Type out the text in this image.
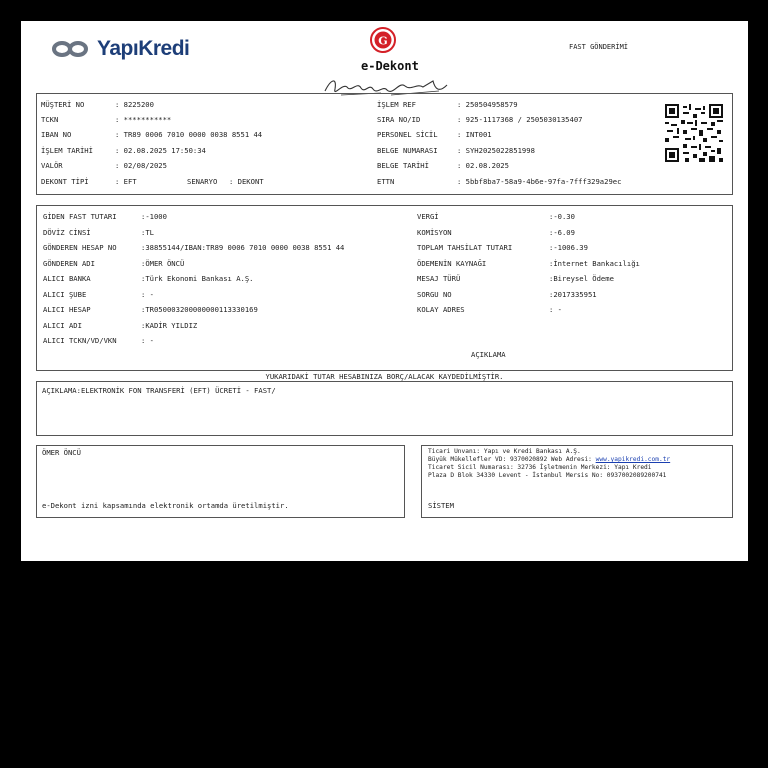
YapıKredi	G
e-Dekont
FAST GÖNDERİMİ
MÜŞTERİ NO	: 8225200
TCKN	: ***********
IBAN NO	: TR89 0006 7010 0000 0038 8551 44
İŞLEM TARİHİ	: 02.08.2025 17:50:34
VALÖR	: 02/08/2025
DEKONT TİPİ	: EFT	SENARYO : DEKONT
İŞLEM REF	: 250504958579
SIRA NO/ID	: 925-1117368 / 2505030135407
PERSONEL SİCİL	: INT001
BELGE NUMARASI	: SYH2025022851998
BELGE TARİHİ	: 02.08.2025
ETTN	: 5bbf8ba7-58a9-4b6e-97fa-7fff329a29ec
GİDEN FAST TUTARI	:-1000
DÖVİZ CİNSİ	:TL
GÖNDEREN HESAP NO	:38855144/IBAN:TR89 0006 7010 0000 0038 8551 44
GÖNDEREN ADI	:ÖMER ÖNCÜ
ALICI BANKA	:Türk Ekonomi Bankası A.Ş.
ALICI ŞUBE	: -
ALICI HESAP	:TR050003200000000113330169
ALICI ADI	:KADİR YILDIZ
ALICI TCKN/VD/VKN	: -
VERGİ	:-0.30
KOMİSYON	:-6.09
TOPLAM TAHSİLAT TUTARI	:-1006.39
ÖDEMENİN KAYNAĞI	:İnternet Bankacılığı
MESAJ TÜRÜ	:Bireysel Ödeme
SORGU NO	:2017335951
KOLAY ADRES	: -
AÇIKLAMA
YUKARIDAKİ TUTAR HESABINIZA BORÇ/ALACAK KAYDEDİLMİŞTİR.
AÇIKLAMA:ELEKTRONİK FON TRANSFERİ (EFT) ÜCRETİ - FAST/
ÖMER ÖNCÜ
e-Dekont izni kapsamında elektronik ortamda üretilmiştir.
Ticari Unvanı: Yapı ve Kredi Bankası A.Ş.
Büyük Mükellefler VD: 9370020892 Web Adresi: www.yapikredi.com.tr
Ticaret Sicil Numarası: 32736 İşletmenin Merkezi: Yapı Kredi
Plaza D Blok 34330 Levent - İstanbul Mersis No: 0937002089200741
SİSTEM
